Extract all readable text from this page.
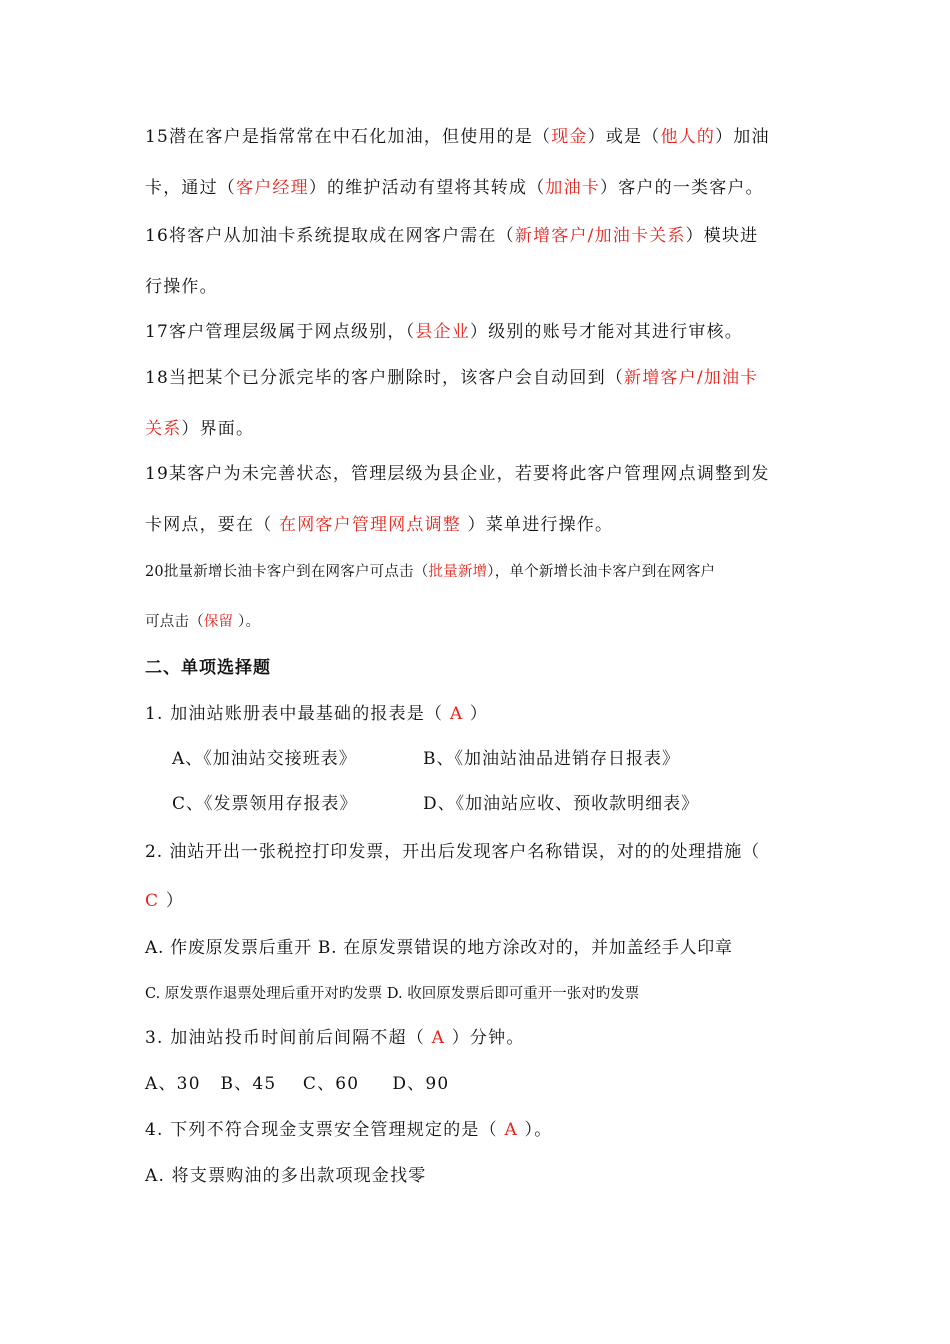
15潜在客户是指常常在中石化加油，但使用的是（现金）或是（他人的）加油
卡，通过（客户经理）的维护活动有望将其转成（加油卡）客户的一类客户。
16将客户从加油卡系统提取成在网客户需在（新增客户/加油卡关系）模块进
行操作。
17客户管理层级属于网点级别，（县企业）级别的账号才能对其进行审核。
18当把某个已分派完毕的客户删除时，该客户会自动回到（新增客户/加油卡
关系）界面。
19某客户为未完善状态，管理层级为县企业，若要将此客户管理网点调整到发
卡网点，要在（ 在网客户管理网点调整 ）菜单进行操作。
20批量新增长油卡客户到在网客户可点击（批量新增），单个新增长油卡客户到在网客户
可点击（保留 ）。
二、单项选择题
1. 加油站账册表中最基础的报表是（ A ）
A、《加油站交接班表》	B、《加油站油品进销存日报表》
C、《发票领用存报表》	D、《加油站应收、预收款明细表》
2. 油站开出一张税控打印发票，开出后发现客户名称错误，对的的处理措施（
C ）
A. 作废原发票后重开 B. 在原发票错误的地方涂改对的，并加盖经手人印章
C. 原发票作退票处理后重开对旳发票 D. 收回原发票后即可重开一张对旳发票
3. 加油站投币时间前后间隔不超（ A ）分钟。
A、30   B、45    C、60     D、90
4. 下列不符合现金支票安全管理规定的是（ A ）。
A. 将支票购油的多出款项现金找零
